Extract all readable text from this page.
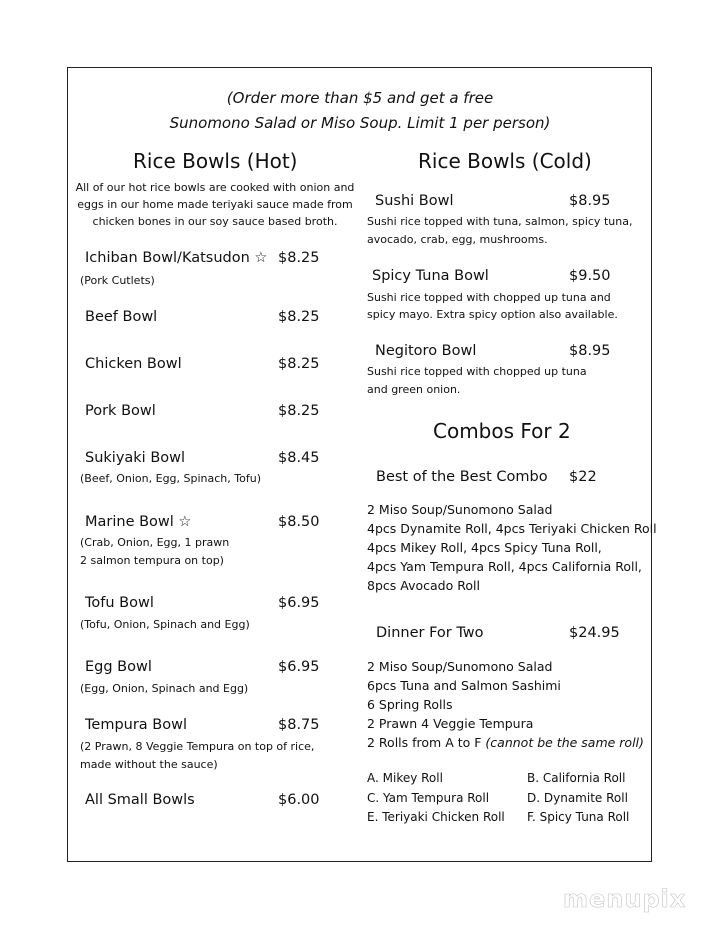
(Order more than $5 and get a free
Sunomono Salad or Miso Soup. Limit 1 per person)
Rice Bowls (Hot)
All of our hot rice bowls are cooked with onion and
eggs in our home made teriyaki sauce made from
chicken bones in our soy sauce based broth.
Ichiban Bowl/Katsudon ☆ $8.25
(Pork Cutlets)
Beef Bowl	$8.25
Chicken Bowl	$8.25
Pork Bowl	$8.25
Sukiyaki Bowl	$8.45
(Beef, Onion, Egg, Spinach, Tofu)
Marine Bowl ☆	$8.50
(Crab, Onion, Egg, 1 prawn
2 salmon tempura on top)
Tofu Bowl	$6.95
(Tofu, Onion, Spinach and Egg)
Egg Bowl	$6.95
(Egg, Onion, Spinach and Egg)
Tempura Bowl	$8.75
(2 Prawn, 8 Veggie Tempura on top of rice,
made without the sauce)
All Small Bowls	$6.00
Rice Bowls (Cold)
Sushi Bowl	$8.95
Sushi rice topped with tuna, salmon, spicy tuna,
avocado, crab, egg, mushrooms.
Spicy Tuna Bowl	$9.50
Sushi rice topped with chopped up tuna and
spicy mayo. Extra spicy option also available.
Negitoro Bowl	$8.95
Sushi rice topped with chopped up tuna
and green onion.
Combos For 2
Best of the Best Combo $22
2 Miso Soup/Sunomono Salad
4pcs Dynamite Roll, 4pcs Teriyaki Chicken Roll
4pcs Mikey Roll, 4pcs Spicy Tuna Roll,
4pcs Yam Tempura Roll, 4pcs California Roll,
8pcs Avocado Roll
Dinner For Two	$24.95
2 Miso Soup/Sunomono Salad
6pcs Tuna and Salmon Sashimi
6 Spring Rolls
2 Prawn 4 Veggie Tempura
2 Rolls from A to F (cannot be the same roll)
A. Mikey Roll	B. California Roll
C. Yam Tempura Roll	D. Dynamite Roll
E. Teriyaki Chicken Roll F. Spicy Tuna Roll
menupix
